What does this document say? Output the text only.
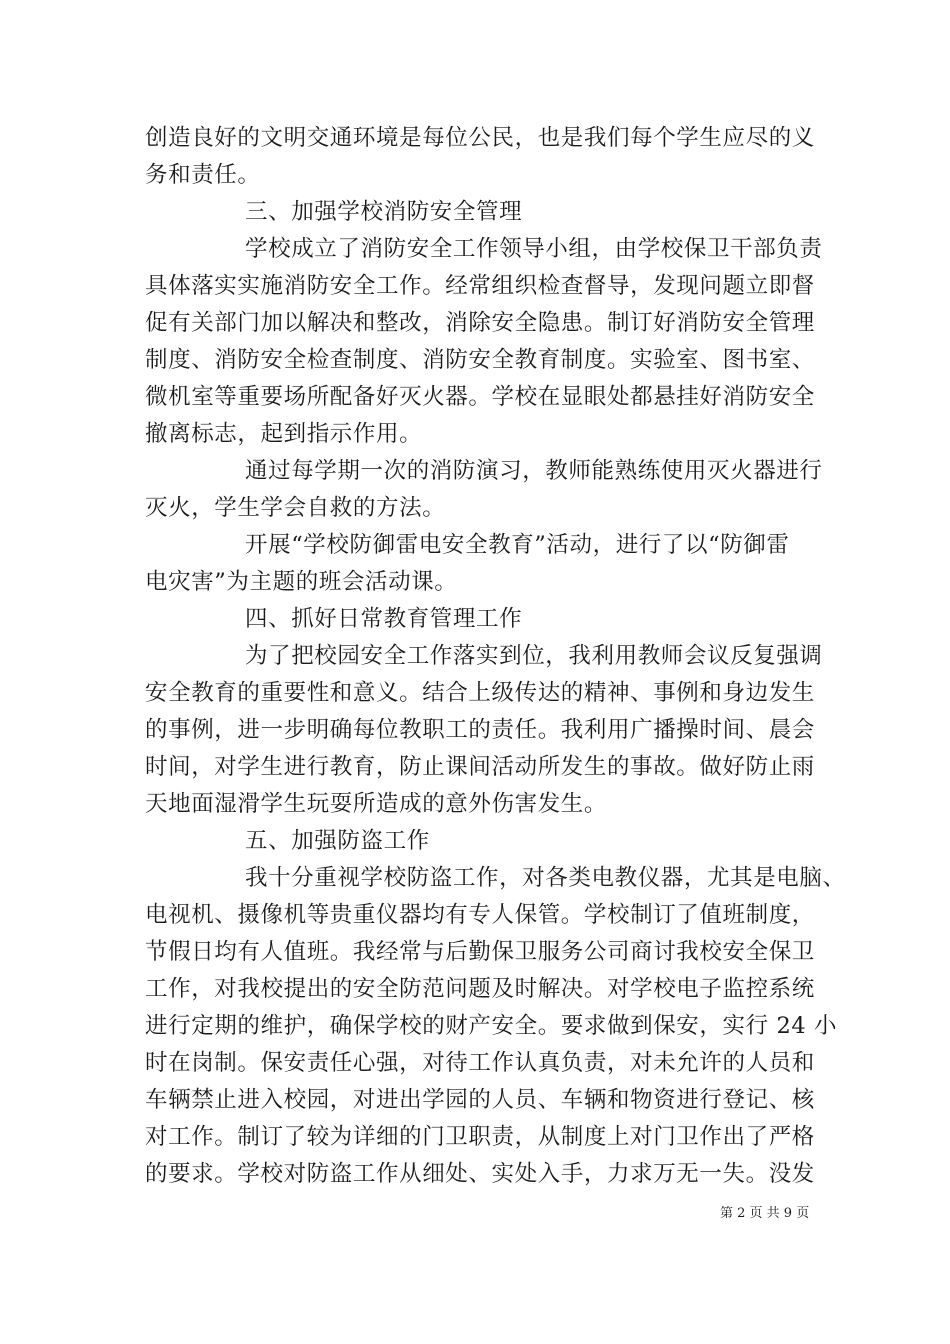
创造良好的文明交通环境是每位公民，也是我们每个学生应尽的义
务和责任。
三、加强学校消防安全管理
学校成立了消防安全工作领导小组，由学校保卫干部负责
具体落实实施消防安全工作。经常组织检查督导，发现问题立即督
促有关部门加以解决和整改，消除安全隐患。制订好消防安全管理
制度、消防安全检查制度、消防安全教育制度。实验室、图书室、
微机室等重要场所配备好灭火器。学校在显眼处都悬挂好消防安全
撤离标志，起到指示作用。
通过每学期一次的消防演习，教师能熟练使用灭火器进行
灭火，学生学会自救的方法。
开展“学校防御雷电安全教育”活动，进行了以“防御雷
电灾害”为主题的班会活动课。
四、抓好日常教育管理工作
为了把校园安全工作落实到位，我利用教师会议反复强调
安全教育的重要性和意义。结合上级传达的精神、事例和身边发生
的事例，进一步明确每位教职工的责任。我利用广播操时间、晨会
时间，对学生进行教育，防止课间活动所发生的事故。做好防止雨
天地面湿滑学生玩耍所造成的意外伤害发生。
五、加强防盗工作
我十分重视学校防盗工作，对各类电教仪器，尤其是电脑、
电视机、摄像机等贵重仪器均有专人保管。学校制订了值班制度，
节假日均有人值班。我经常与后勤保卫服务公司商讨我校安全保卫
工作，对我校提出的安全防范问题及时解决。对学校电子监控系统
进行定期的维护，确保学校的财产安全。要求做到保安，实行 24 小
时在岗制。保安责任心强，对待工作认真负责，对未允许的人员和
车辆禁止进入校园，对进出学园的人员、车辆和物资进行登记、核
对工作。制订了较为详细的门卫职责，从制度上对门卫作出了严格
的要求。学校对防盗工作从细处、实处入手，力求万无一失。没发
第 2 页 共 9 页
